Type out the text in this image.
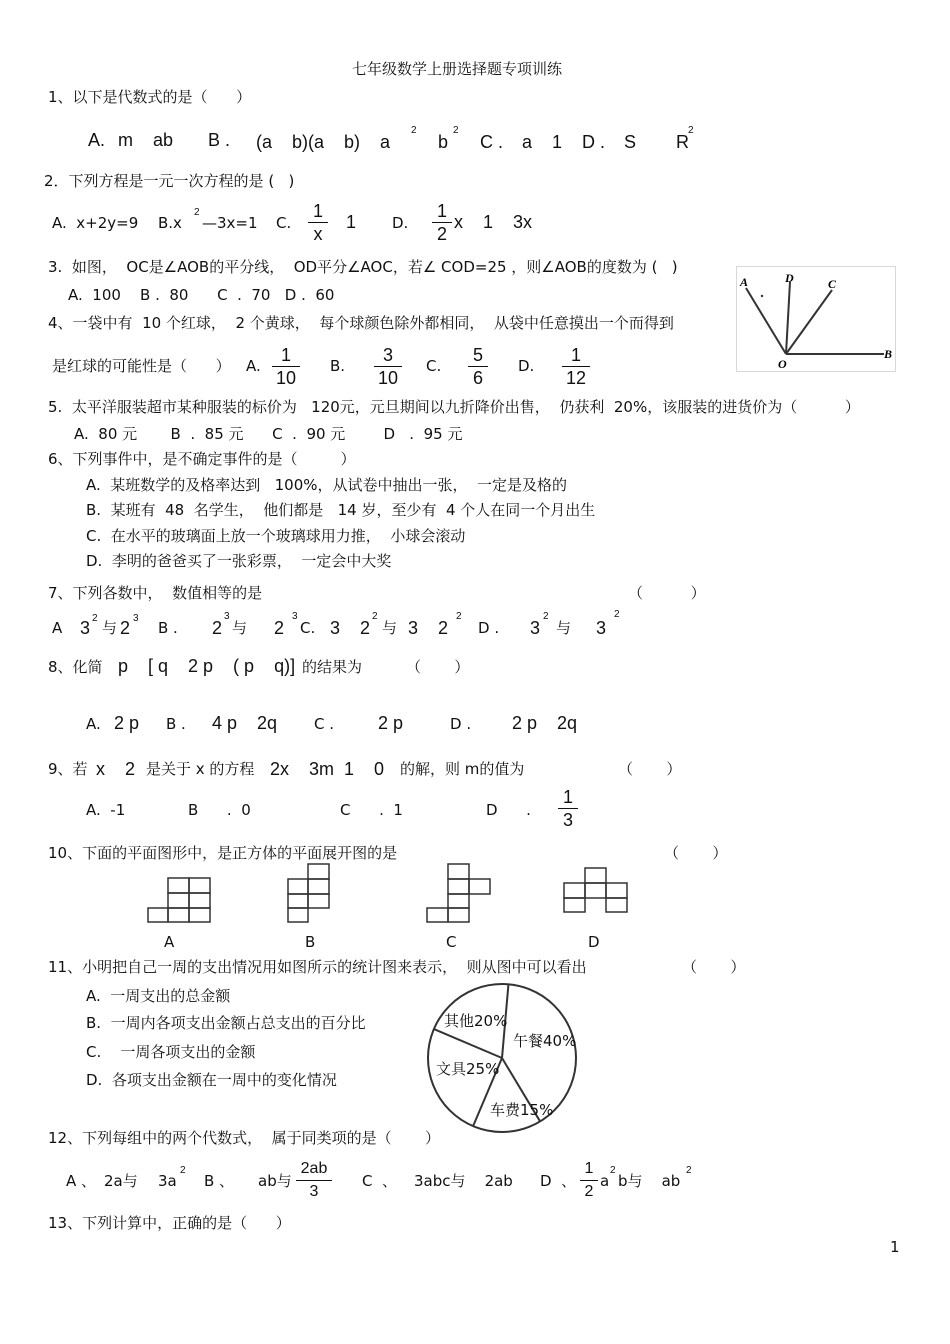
七年级数学上册选择题专项训练
1、以下是代数式的是（      ）
A. m    ab B . (a    b)(a    b)    a
2
b
2
C . a    1 D . S        R
2
2．下列方程是一元一次方程的是 (   )
A.  x+2y=9 B.x
2
—3x=1 C.
1
x
1 D.
1
2
x    1    3x
3.  如图，  OC是∠AOB的平分线，  OD平分∠AOC，若∠ COD=25 ，则∠AOB的度数为 (   )
A.  100    B .  80      C  .  70   D .  60
A	D	C
O
B
4、一袋中有  10 个红球，  2 个黄球，  每个球颜色除外都相同，  从袋中任意摸出一个而得到
是红球的可能性是（      ） A.
1
10
B.
3
10
C.
5
6
D.
1
12
5.  太平洋服装超市某种服装的标价为   120元，元旦期间以九折降价出售，  仍获利  20%，该服装的进货价为（          ）
A.  80 元       B  .  85 元      C  .  90 元        D   .  95 元
6、下列事件中，是不确定事件的是（         ）
A.  某班数学的及格率达到   100%，从试卷中抽出一张，  一定是及格的
B.  某班有  48  名学生，  他们都是   14 岁，至少有  4 个人在同一个月出生
C.  在水平的玻璃面上放一个玻璃球用力推，  小球会滚动
D.  李明的爸爸买了一张彩票，  一定会中大奖
7、下列各数中，  数值相等的是	（          ）
A 3 2
与 2 3
B . 2
3
与 2
3
C. 3    2
2
与 3    2
2
D . 3
2
与 3
2
8、化简 p    [ q    2 p    ( p    q)] 的结果为	（       ）
A. 2 p B . 4 p    2q C . 2 p	D . 2 p    2q
9、若 x    2 是关于 x 的方程 2x    3m  1    0 的解，则 m的值为	（       ）
A.  -1	B      .  0	C      .  1	D      .
1
3
10、下面的平面图形中，是正方体的平面展开图的是	（       ）
A	B	C	D
11、小明把自己一周的支出情况用如图所示的统计图来表示，  则从图中可以看出	（       ）
A.  一周支出的总金额
B.  一周内各项支出金额占总支出的百分比
C.    一周各项支出的金额
D.  各项支出金额在一周中的变化情况
其他20%
午餐40%
文具25%
车费15%
12、下列每组中的两个代数式，  属于同类项的是（       ）
A 、 2a与 3a
2
B 、 ab与
2ab
3
C  、 3abc与    2ab D  、
1
2
a
2
b与    ab
2
13、下列计算中，正确的是（      ）
1
